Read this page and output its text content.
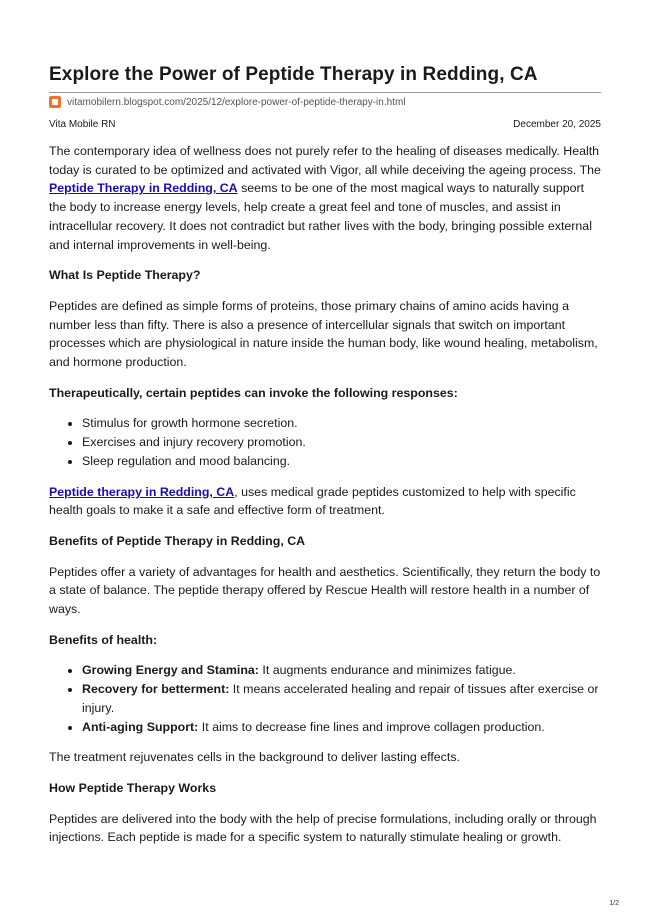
Explore the Power of Peptide Therapy in Redding, CA
vitamobilern.blogspot.com/2025/12/explore-power-of-peptide-therapy-in.html
Vita Mobile RN	December 20, 2025

The contemporary idea of wellness does not purely refer to the healing of diseases medically. Health today is curated to be optimized and activated with Vigor, all while deceiving the ageing process. The Peptide Therapy in Redding, CA seems to be one of the most magical ways to naturally support the body to increase energy levels, help create a great feel and tone of muscles, and assist in intracellular recovery. It does not contradict but rather lives with the body, bringing possible external and internal improvements in well-being.

What Is Peptide Therapy?

Peptides are defined as simple forms of proteins, those primary chains of amino acids having a number less than fifty. There is also a presence of intercellular signals that switch on important processes which are physiological in nature inside the human body, like wound healing, metabolism, and hormone production.

Therapeutically, certain peptides can invoke the following responses:
• Stimulus for growth hormone secretion.
• Exercises and injury recovery promotion.
• Sleep regulation and mood balancing.

Peptide therapy in Redding, CA, uses medical grade peptides customized to help with specific health goals to make it a safe and effective form of treatment.

Benefits of Peptide Therapy in Redding, CA

Peptides offer a variety of advantages for health and aesthetics. Scientifically, they return the body to a state of balance. The peptide therapy offered by Rescue Health will restore health in a number of ways.

Benefits of health:
• Growing Energy and Stamina: It augments endurance and minimizes fatigue.
• Recovery for betterment: It means accelerated healing and repair of tissues after exercise or injury.
• Anti-aging Support: It aims to decrease fine lines and improve collagen production.

The treatment rejuvenates cells in the background to deliver lasting effects.

How Peptide Therapy Works

Peptides are delivered into the body with the help of precise formulations, including orally or through injections. Each peptide is made for a specific system to naturally stimulate healing or growth.

1/2
